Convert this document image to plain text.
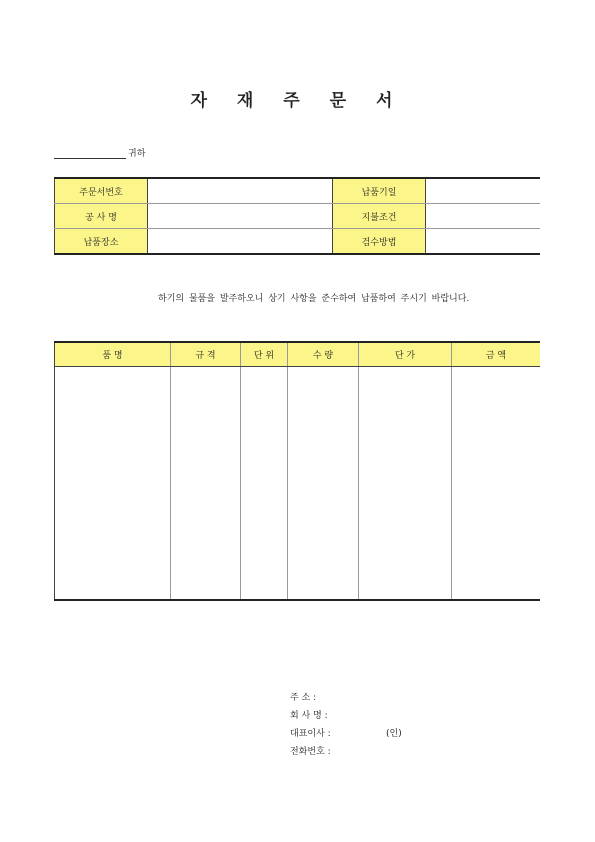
자 재 주 문 서
귀하
주문서번호		납품기일	
공 사 명		지불조건	
납품장소		검수방법	
하기의 물품을 발주하오니 상기 사항을 준수하여 납품하여 주시기 바랍니다.
품 명	규 격	단 위	수 량	단 가	금 액

주 소 :
회 사 명 :
대표이사 :	(인)
전화번호 :
